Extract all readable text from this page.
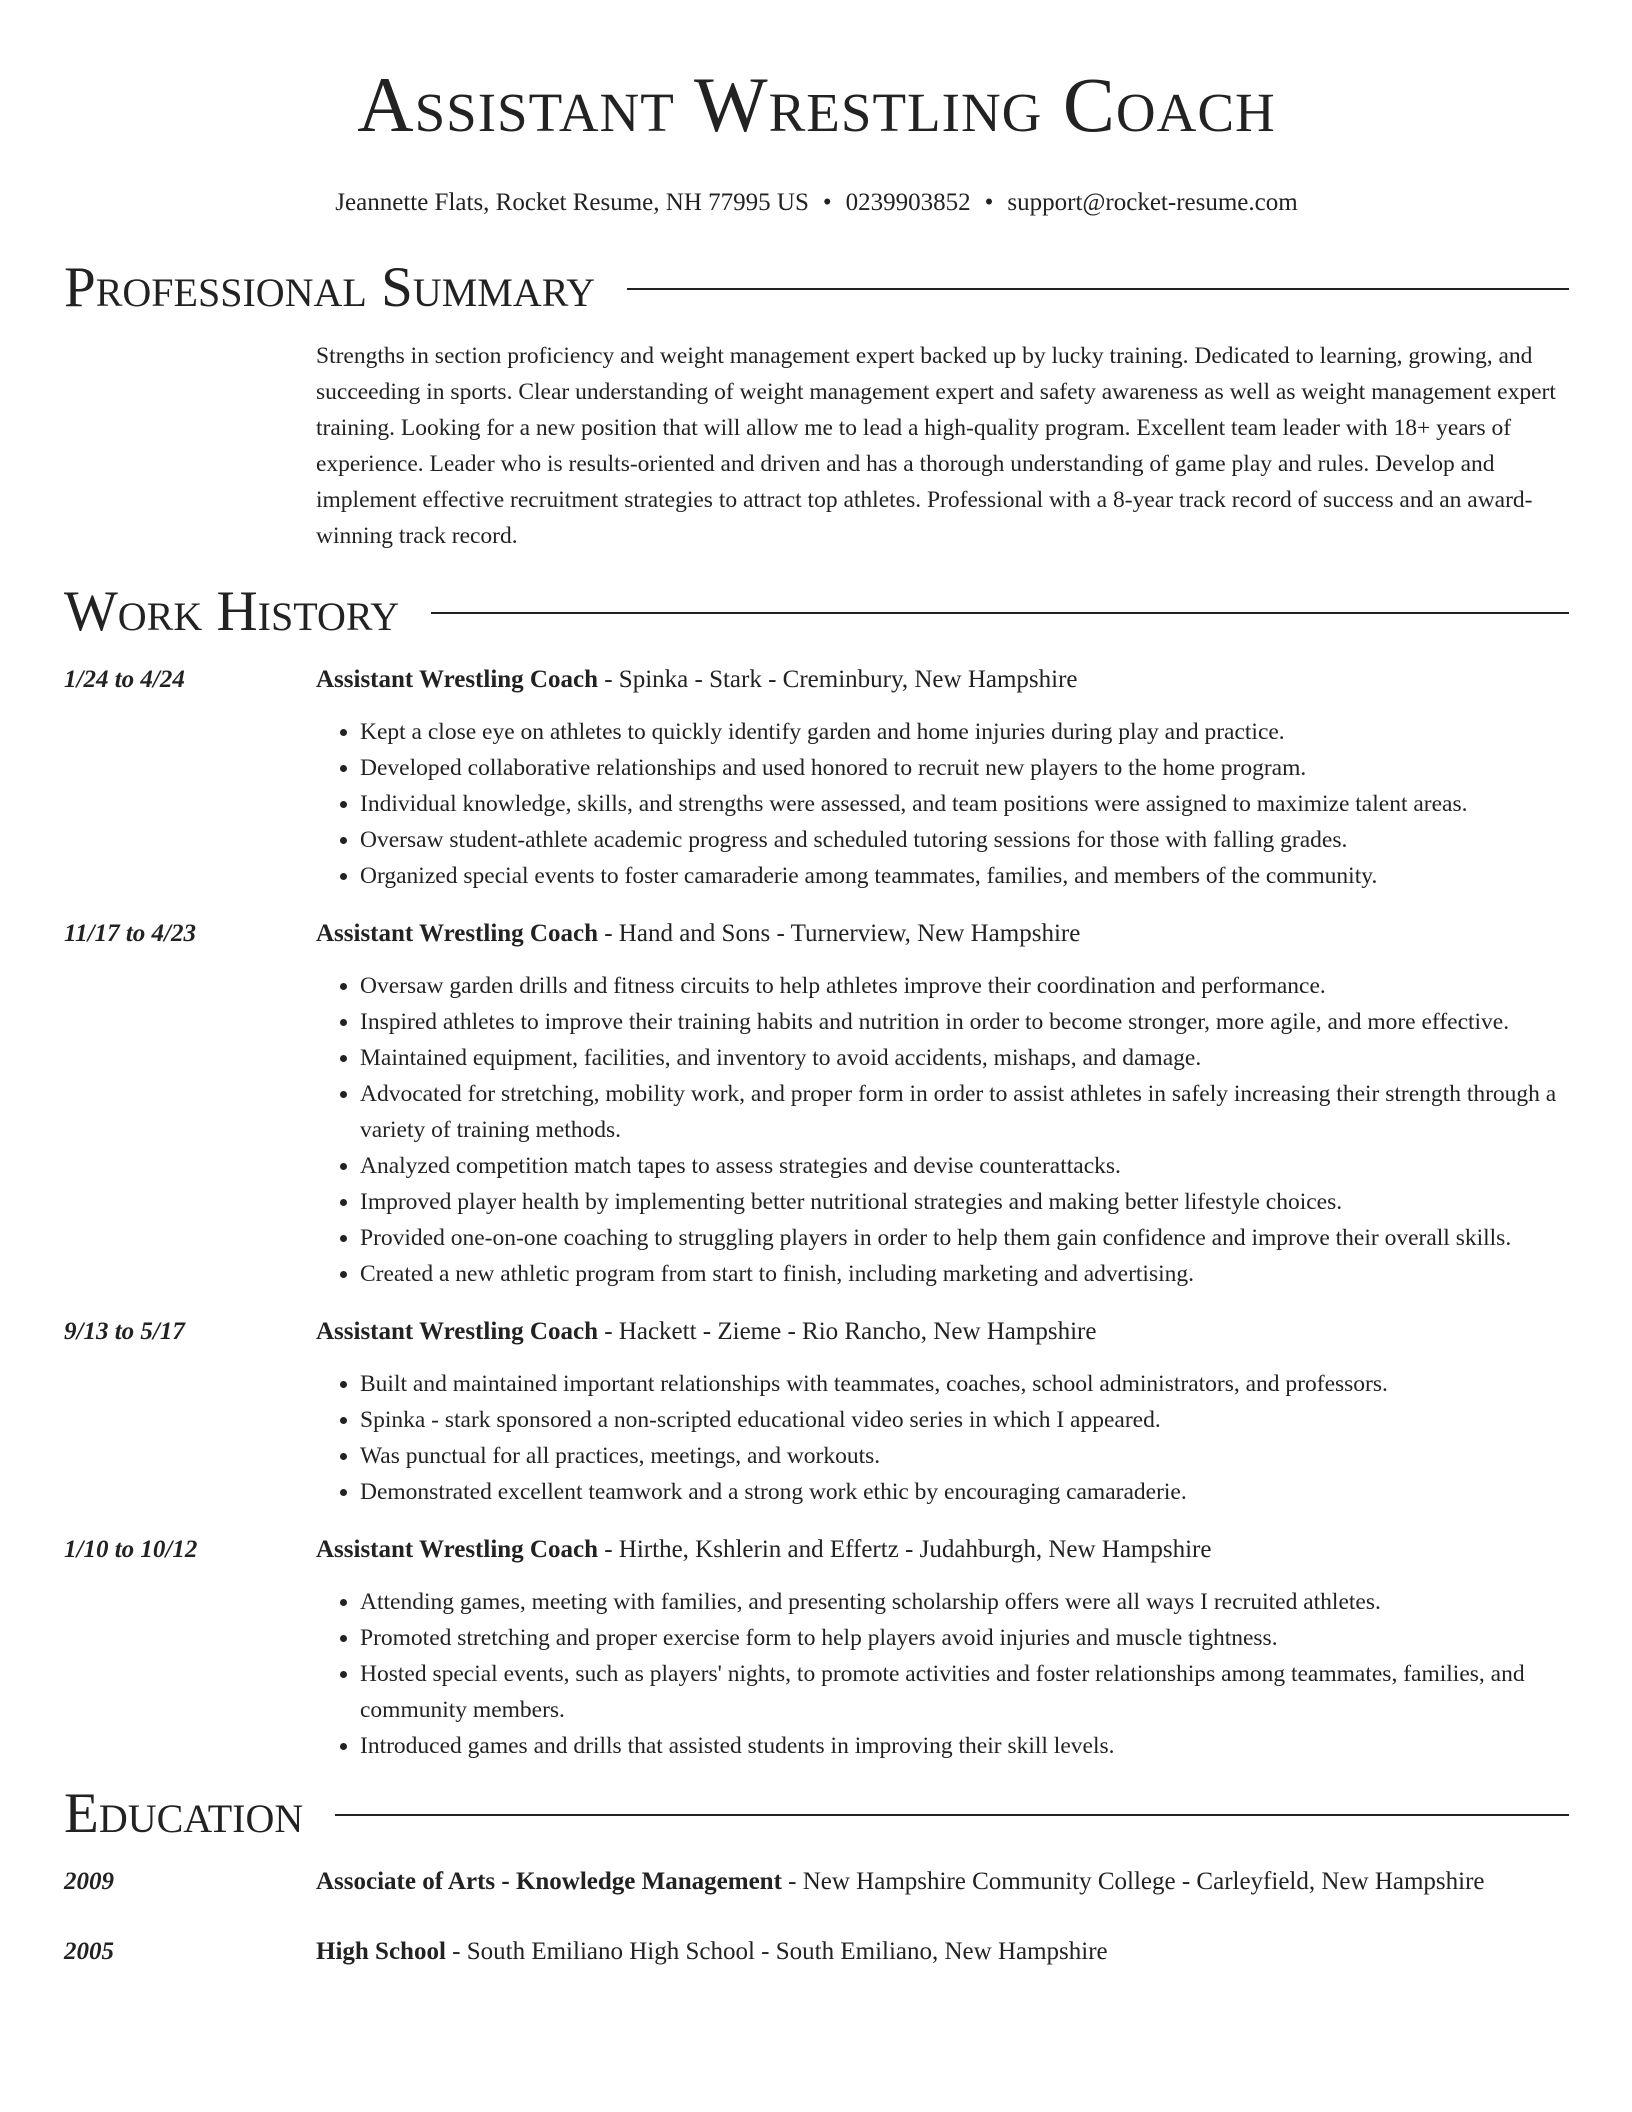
Assistant Wrestling Coach
Jeannette Flats, Rocket Resume, NH 77995 US • 0239903852 • support@rocket-resume.com
Professional Summary

Strengths in section proficiency and weight management expert backed up by lucky training. Dedicated to learning, growing, and succeeding in sports. Clear understanding of weight management expert and safety awareness as well as weight management expert training. Looking for a new position that will allow me to lead a high-quality program. Excellent team leader with 18+ years of experience. Leader who is results-oriented and driven and has a thorough understanding of game play and rules. Develop and implement effective recruitment strategies to attract top athletes. Professional with a 8-year track record of success and an award-winning track record.

Work History
1/24 to 4/24	Assistant Wrestling Coach - Spinka - Stark - Creminbury, New Hampshire
• Kept a close eye on athletes to quickly identify garden and home injuries during play and practice.
• Developed collaborative relationships and used honored to recruit new players to the home program.
• Individual knowledge, skills, and strengths were assessed, and team positions were assigned to maximize talent areas.
• Oversaw student-athlete academic progress and scheduled tutoring sessions for those with falling grades.
• Organized special events to foster camaraderie among teammates, families, and members of the community.
11/17 to 4/23	Assistant Wrestling Coach - Hand and Sons - Turnerview, New Hampshire
• Oversaw garden drills and fitness circuits to help athletes improve their coordination and performance.
• Inspired athletes to improve their training habits and nutrition in order to become stronger, more agile, and more effective.
• Maintained equipment, facilities, and inventory to avoid accidents, mishaps, and damage.
• Advocated for stretching, mobility work, and proper form in order to assist athletes in safely increasing their strength through a variety of training methods.
• Analyzed competition match tapes to assess strategies and devise counterattacks.
• Improved player health by implementing better nutritional strategies and making better lifestyle choices.
• Provided one-on-one coaching to struggling players in order to help them gain confidence and improve their overall skills.
• Created a new athletic program from start to finish, including marketing and advertising.
9/13 to 5/17	Assistant Wrestling Coach - Hackett - Zieme - Rio Rancho, New Hampshire
• Built and maintained important relationships with teammates, coaches, school administrators, and professors.
• Spinka - stark sponsored a non-scripted educational video series in which I appeared.
• Was punctual for all practices, meetings, and workouts.
• Demonstrated excellent teamwork and a strong work ethic by encouraging camaraderie.
1/10 to 10/12	Assistant Wrestling Coach - Hirthe, Kshlerin and Effertz - Judahburgh, New Hampshire
• Attending games, meeting with families, and presenting scholarship offers were all ways I recruited athletes.
• Promoted stretching and proper exercise form to help players avoid injuries and muscle tightness.
• Hosted special events, such as players' nights, to promote activities and foster relationships among teammates, families, and community members.
• Introduced games and drills that assisted students in improving their skill levels.
Education
2009	Associate of Arts - Knowledge Management - New Hampshire Community College - Carleyfield, New Hampshire
2005	High School - South Emiliano High School - South Emiliano, New Hampshire
